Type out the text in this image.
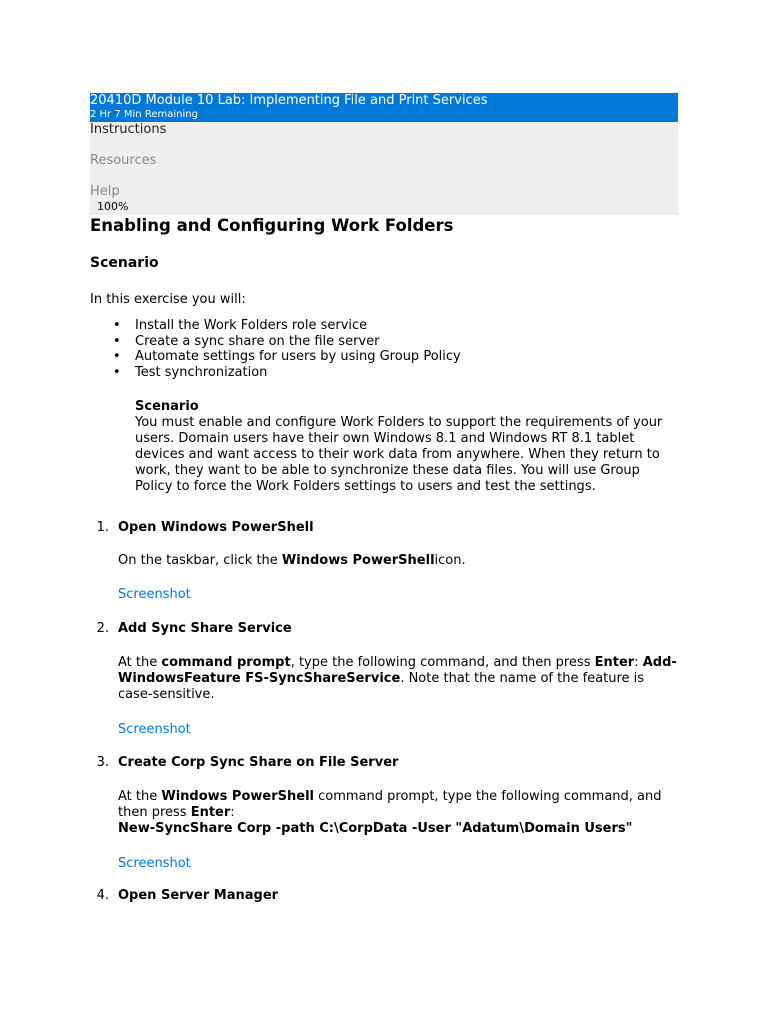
20410D Module 10 Lab: Implementing File and Print Services
2 Hr 7 Min Remaining
Instructions
Resources
Help
100%
Enabling and Configuring Work Folders
Scenario
In this exercise you will:
• Install the Work Folders role service
• Create a sync share on the file server
• Automate settings for users by using Group Policy
• Test synchronization
Scenario
You must enable and configure Work Folders to support the requirements of your users. Domain users have their own Windows 8.1 and Windows RT 8.1 tablet devices and want access to their work data from anywhere. When they return to work, they want to be able to synchronize these data files. You will use Group Policy to force the Work Folders settings to users and test the settings.
1. Open Windows PowerShell
On the taskbar, click the Windows PowerShellicon.
Screenshot
2. Add Sync Share Service
At the command prompt, type the following command, and then press Enter: Add-WindowsFeature FS-SyncShareService. Note that the name of the feature is case-sensitive.
Screenshot
3. Create Corp Sync Share on File Server
At the Windows PowerShell command prompt, type the following command, and then press Enter:
New-SyncShare Corp -path C:\CorpData -User "Adatum\Domain Users"
Screenshot
4. Open Server Manager
